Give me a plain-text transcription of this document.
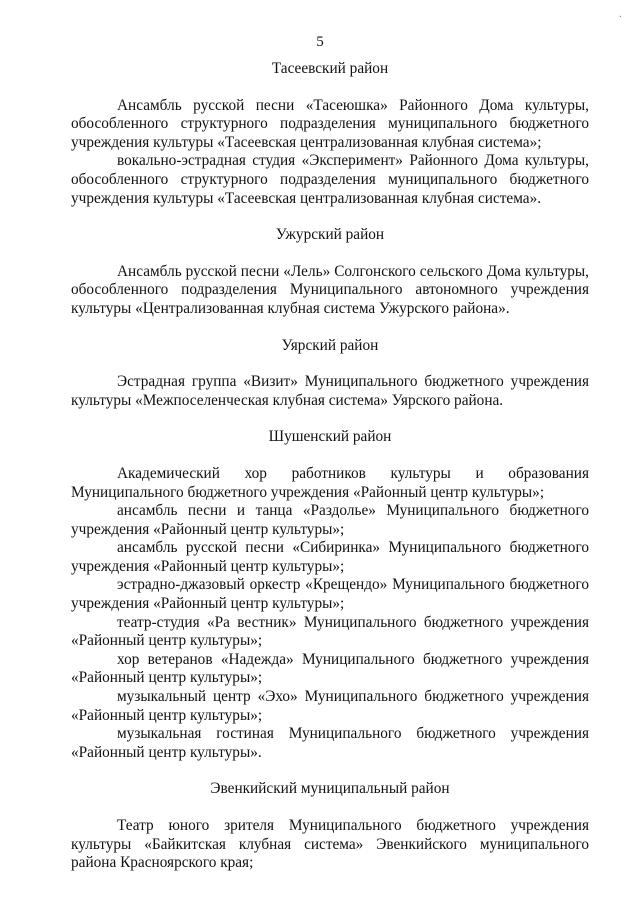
·
5

Тасеевский район

Ансамбль русской песни «Тасеюшка» Районного Дома культуры, обособленного структурного подразделения муниципального бюджетного учреждения культуры «Тасеевская централизованная клубная система»;

вокально-эстрадная студия «Эксперимент» Районного Дома культуры, обособленного структурного подразделения муниципального бюджетного учреждения культуры «Тасеевская централизованная клубная система».

Ужурский район

Ансамбль русской песни «Лель» Солгонского сельского Дома культуры, обособленного подразделения Муниципального автономного учреждения культуры «Централизованная клубная система Ужурского района».

Уярский район

Эстрадная группа «Визит» Муниципального бюджетного учреждения культуры «Межпоселенческая клубная система» Уярского района.

Шушенский район

Академический хор работников культуры и образования Муниципального бюджетного учреждения «Районный центр культуры»;

ансамбль песни и танца «Раздолье» Муниципального бюджетного учреждения «Районный центр культуры»;

ансамбль русской песни «Сибиринка» Муниципального бюджетного учреждения «Районный центр культуры»;

эстрадно-джазовый оркестр «Крещендо» Муниципального бюджетного учреждения «Районный центр культуры»;

театр-студия «Ра вестник» Муниципального бюджетного учреждения «Районный центр культуры»;

хор ветеранов «Надежда» Муниципального бюджетного учреждения «Районный центр культуры»;

музыкальный центр «Эхо» Муниципального бюджетного учреждения «Районный центр культуры»;

музыкальная гостиная Муниципального бюджетного учреждения «Районный центр культуры».

Эвенкийский муниципальный район

Театр юного зрителя Муниципального бюджетного учреждения культуры «Байкитская клубная система» Эвенкийского муниципального района Красноярского края;
